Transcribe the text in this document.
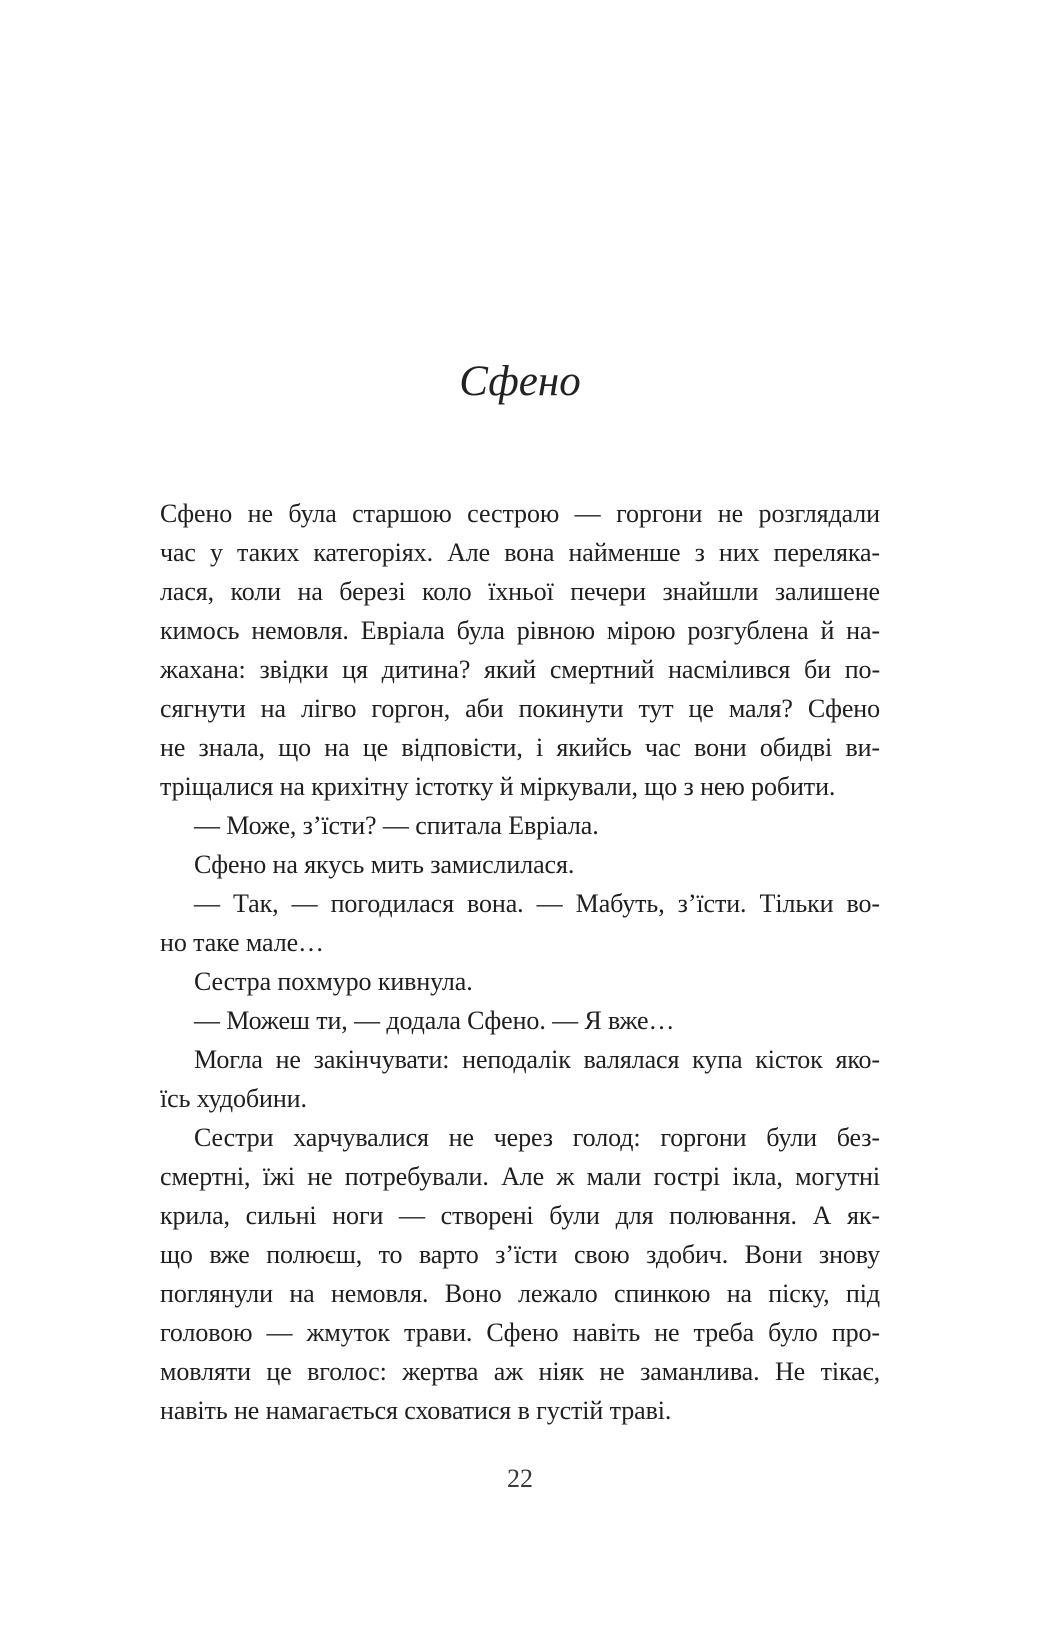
Сфено
Сфено не була старшою сестрою — горгони не розглядали
час у таких категоріях. Але вона найменше з них переляка-
лася, коли на березі коло їхньої печери знайшли залишене
кимось немовля. Евріала була рівною мірою розгублена й на-
жахана: звідки ця дитина? який смертний насмілився би по-
сягнути на лігво горгон, аби покинути тут це маля? Сфено
не знала, що на це відповісти, і якийсь час вони обидві ви-
тріщалися на крихітну істотку й міркували, що з нею робити.
— Може, з’їсти? — спитала Евріала.
Сфено на якусь мить замислилася.
— Так, — погодилася вона. — Мабуть, з’їсти. Тільки во-
но таке мале…
Сестра похмуро кивнула.
— Можеш ти, — додала Сфено. — Я вже…
Могла не закінчувати: неподалік валялася купа кісток яко-
їсь худобини.
Сестри харчувалися не через голод: горгони були без-
смертні, їжі не потребували. Але ж мали гострі ікла, могутні
крила, сильні ноги — створені були для полювання. А як-
що вже полюєш, то варто з’їсти свою здобич. Вони знову
поглянули на немовля. Воно лежало спинкою на піску, під
головою — жмуток трави. Сфено навіть не треба було про-
мовляти це вголос: жертва аж ніяк не заманлива. Не тікає,
навіть не намагається сховатися в густій траві.
22
